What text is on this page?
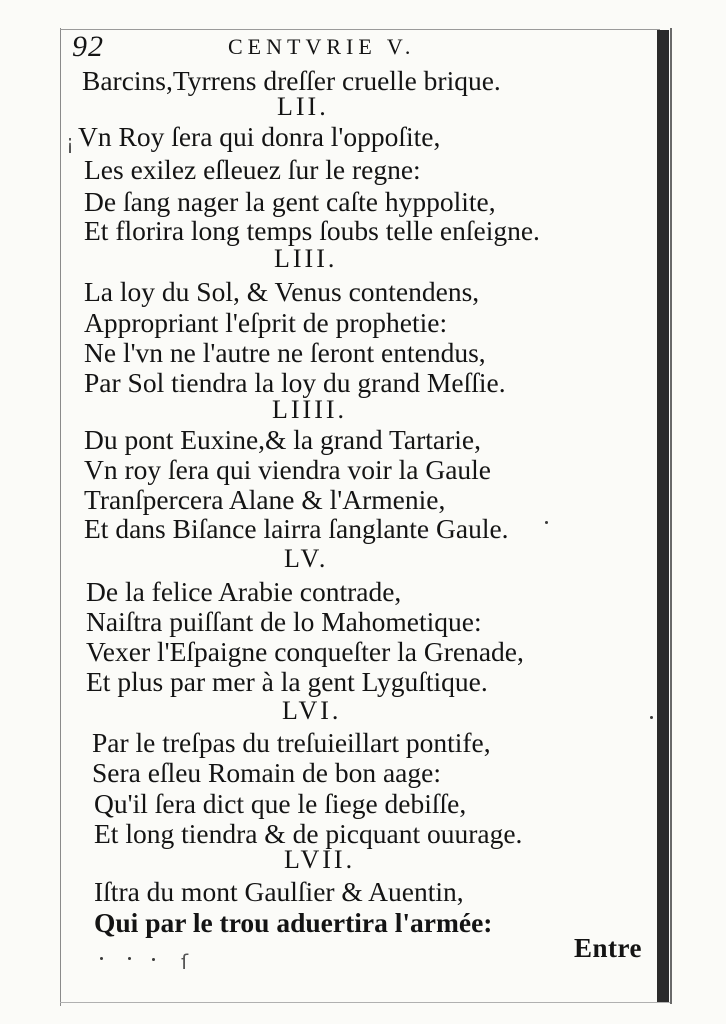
92	CENTVRIE V.
Barcins,Tyrrens dreſſer cruelle brique.
LII.
Vn Roy ſera qui donra l'oppoſite,
Les exilez eſleuez ſur le regne:
De ſang nager la gent caſte hyppolite,
Et florira long temps ſoubs telle enſeigne.
LIII.
La loy du Sol, & Venus contendens,
Appropriant l'eſprit de prophetie:
Ne l'vn ne l'autre ne ſeront entendus,
Par Sol tiendra la loy du grand Meſſie.
LIIII.
Du pont Euxine,& la grand Tartarie,
Vn roy ſera qui viendra voir la Gaule
Tranſpercera Alane & l'Armenie,
Et dans Biſance lairra ſanglante Gaule.
LV.
De la felice Arabie contrade,
Naiſtra puiſſant de lo Mahometique:
Vexer l'Eſpaigne conqueſter la Grenade,
Et plus par mer à la gent Lyguſtique.
LVI.
Par le treſpas du treſuieillart pontife,
Sera eſleu Romain de bon aage:
Qu'il ſera dict que le ſiege debiſſe,
Et long tiendra & de picquant ouurage.
LVII.
Iſtra du mont Gaulſier & Auentin,
Qui par le trou aduertira l'armée:
Entre
¡
ſ
